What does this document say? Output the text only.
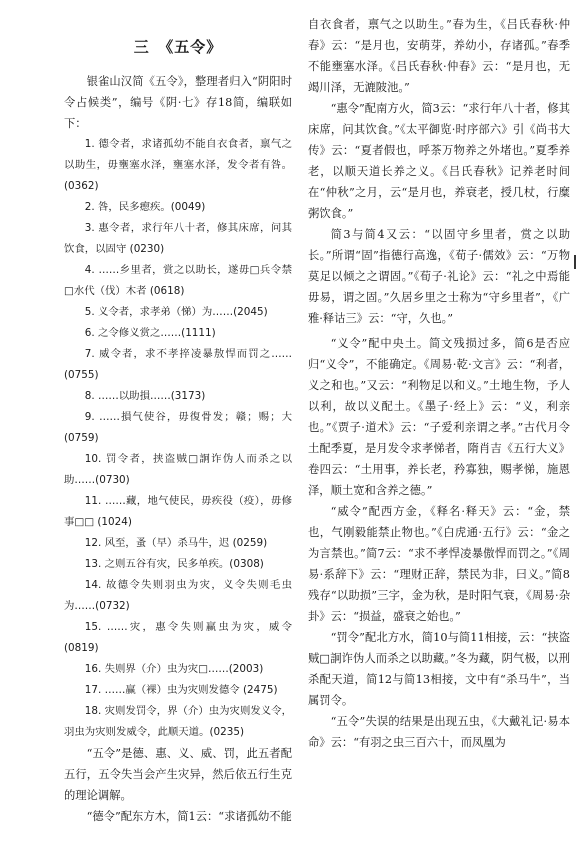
三　《五令》

银雀山汉简《五令》，整理者归入“阴阳时令占候类”，编号《阴·七》存18简，编联如下：

1. 德令者，求诸孤幼不能自衣食者，禀气之以助生，毋壅塞水泽，壅塞水泽，发令者有咎。(0362)

2. 咎，民多瘛疾。(0049)

3. 惠令者，求行年八十者，修其床席，问其饮食，以固守 (0230)

4. ……乡里者，赏之以助长，遂毋□兵令禁□水代（伐）木者 (0618)

5. 义令者，求孝弟（悌）为……(2045)

6. 之令修义赏之……(1111)

7. 威令者，求不孝捽凌暴敖悍而罚之……(0755)

8. ……以助損……(3173)

9. ……損气使谷，毋復骨发；赣；赐；大(0759)

10. 罚令者，挟盗贼□詗诈伪人而杀之以助……(0730)

11. ……藏，地气使民，毋疾役（疫），毋修事□□ (1024)

12. 风至，蚤（早）杀马牛，迟 (0259)

13. 之则五谷有灾，民多单疾。(0308)

14. 故德令失则羽虫为灾，义令失则毛虫为……(0732)

15. ……灾，惠令失则赢虫为灾，威令(0819)

16. 失则界（介）虫为灾□……(2003)

17. ……赢（裸）虫为灾则发德令 (2475)

18. 灾则发罚令，界（介）虫为灾则发义令，羽虫为灾则发威令，此顺天道。(0235)

“五令”是德、惠、义、威、罚，此五者配五行，五令失当会产生灾异，然后依五行生克的理论调解。

“德令”配东方木，简1云：“求诸孤幼不能

自衣食者，禀气之以助生。”春为生，《吕氏春秋·仲春》云：“是月也，安萌芽，养幼小，存诸孤。”春季不能壅塞水泽。《吕氏春秋·仲春》云：“是月也，无竭川泽，无漉陂池。”

“惠令”配南方火，简3云：“求行年八十者，修其床席，问其饮食。”《太平御览·时序部六》引《尚书大传》云：“夏者假也，呼茶万物养之外堵也。”夏季养老，以顺天道长养之义。《吕氏春秋》记养老时间在“仲秋”之月，云“是月也，养衰老，授几杖，行糜粥饮食。”

简3与简4又云：“以固守乡里者，赏之以助长。”所谓“固”指德行高逸，《荀子·儒效》云：“万物莫足以倾之之谓固。”《荀子·礼论》云：“礼之中焉能毋易，谓之固。”久居乡里之士称为“守乡里者”，《广雅·释诂三》云：“守，久也。”

“义令”配中央土。简文残损过多，简6是否应归“义令”，不能确定。《周易·乾·文言》云：“利者，义之和也。”又云：“利物足以和义。”土地生物，予人以利，故以义配土。《墨子·经上》云：“义，利亲也。”《贾子·道术》云：“子爱利亲谓之孝。”古代月令土配季夏，是月发令求孝悌者，隋肖吉《五行大义》卷四云：“土用事，养长老，矜寡独，赐孝悌，施恩泽，顺土宽和含养之德。”

“威令”配西方金，《释名·释天》云：“金，禁也，气刚毅能禁止物也。”《白虎通·五行》云：“金之为言禁也。”简7云：“求不孝悍凌暴傲悍而罚之。”《周易·系辞下》云：“理财正辞，禁民为非，曰义。”简8残存“以助损”三字，金为秋，是时阳气衰，《周易·杂卦》云：“损益，盛衰之始也。”

“罚令”配北方水，简10与简11相接，云：“挟盗贼□詗诈伪人而杀之以助藏。”冬为藏，阴气极，以刑杀配天道，简12与简13相接，文中有“杀马牛”，当属罚令。

“五令”失误的结果是出现五虫，《大戴礼记·易本命》云：“有羽之虫三百六十，而凤凰为
